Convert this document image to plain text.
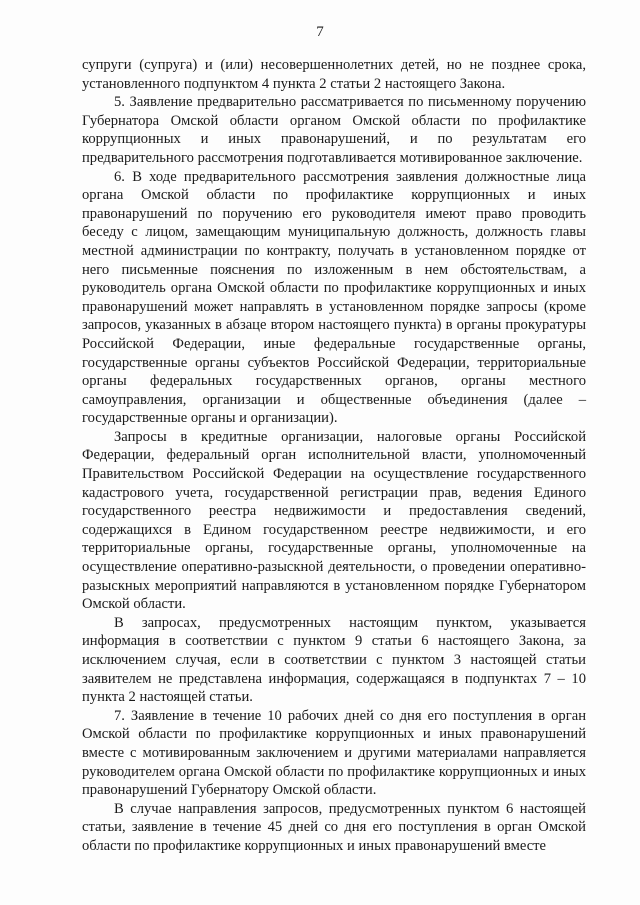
7

супруги (супруга) и (или) несовершеннолетних детей, но не позднее срока, установленного подпунктом 4 пункта 2 статьи 2 настоящего Закона.

5. Заявление предварительно рассматривается по письменному поручению Губернатора Омской области органом Омской области по профилактике коррупционных и иных правонарушений, и по результатам его предварительного рассмотрения подготавливается мотивированное заключение.

6. В ходе предварительного рассмотрения заявления должностные лица органа Омской области по профилактике коррупционных и иных правонарушений по поручению его руководителя имеют право проводить беседу с лицом, замещающим муниципальную должность, должность главы местной администрации по контракту, получать в установленном порядке от него письменные пояснения по изложенным в нем обстоятельствам, а руководитель органа Омской области по профилактике коррупционных и иных правонарушений может направлять в установленном порядке запросы (кроме запросов, указанных в абзаце втором настоящего пункта) в органы прокуратуры Российской Федерации, иные федеральные государственные органы, государственные органы субъектов Российской Федерации, территориальные органы федеральных государственных органов, органы местного самоуправления, организации и общественные объединения (далее – государственные органы и организации).

Запросы в кредитные организации, налоговые органы Российской Федерации, федеральный орган исполнительной власти, уполномоченный Правительством Российской Федерации на осуществление государственного кадастрового учета, государственной регистрации прав, ведения Единого государственного реестра недвижимости и предоставления сведений, содержащихся в Едином государственном реестре недвижимости, и его территориальные органы, государственные органы, уполномоченные на осуществление оперативно-разыскной деятельности, о проведении оперативно-разыскных мероприятий направляются в установленном порядке Губернатором Омской области.

В запросах, предусмотренных настоящим пунктом, указывается информация в соответствии с пунктом 9 статьи 6 настоящего Закона, за исключением случая, если в соответствии с пунктом 3 настоящей статьи заявителем не представлена информация, содержащаяся в подпунктах 7 – 10 пункта 2 настоящей статьи.

7. Заявление в течение 10 рабочих дней со дня его поступления в орган Омской области по профилактике коррупционных и иных правонарушений вместе с мотивированным заключением и другими материалами направляется руководителем органа Омской области по профилактике коррупционных и иных правонарушений Губернатору Омской области.

В случае направления запросов, предусмотренных пунктом 6 настоящей статьи, заявление в течение 45 дней со дня его поступления в орган Омской области по профилактике коррупционных и иных правонарушений вместе
